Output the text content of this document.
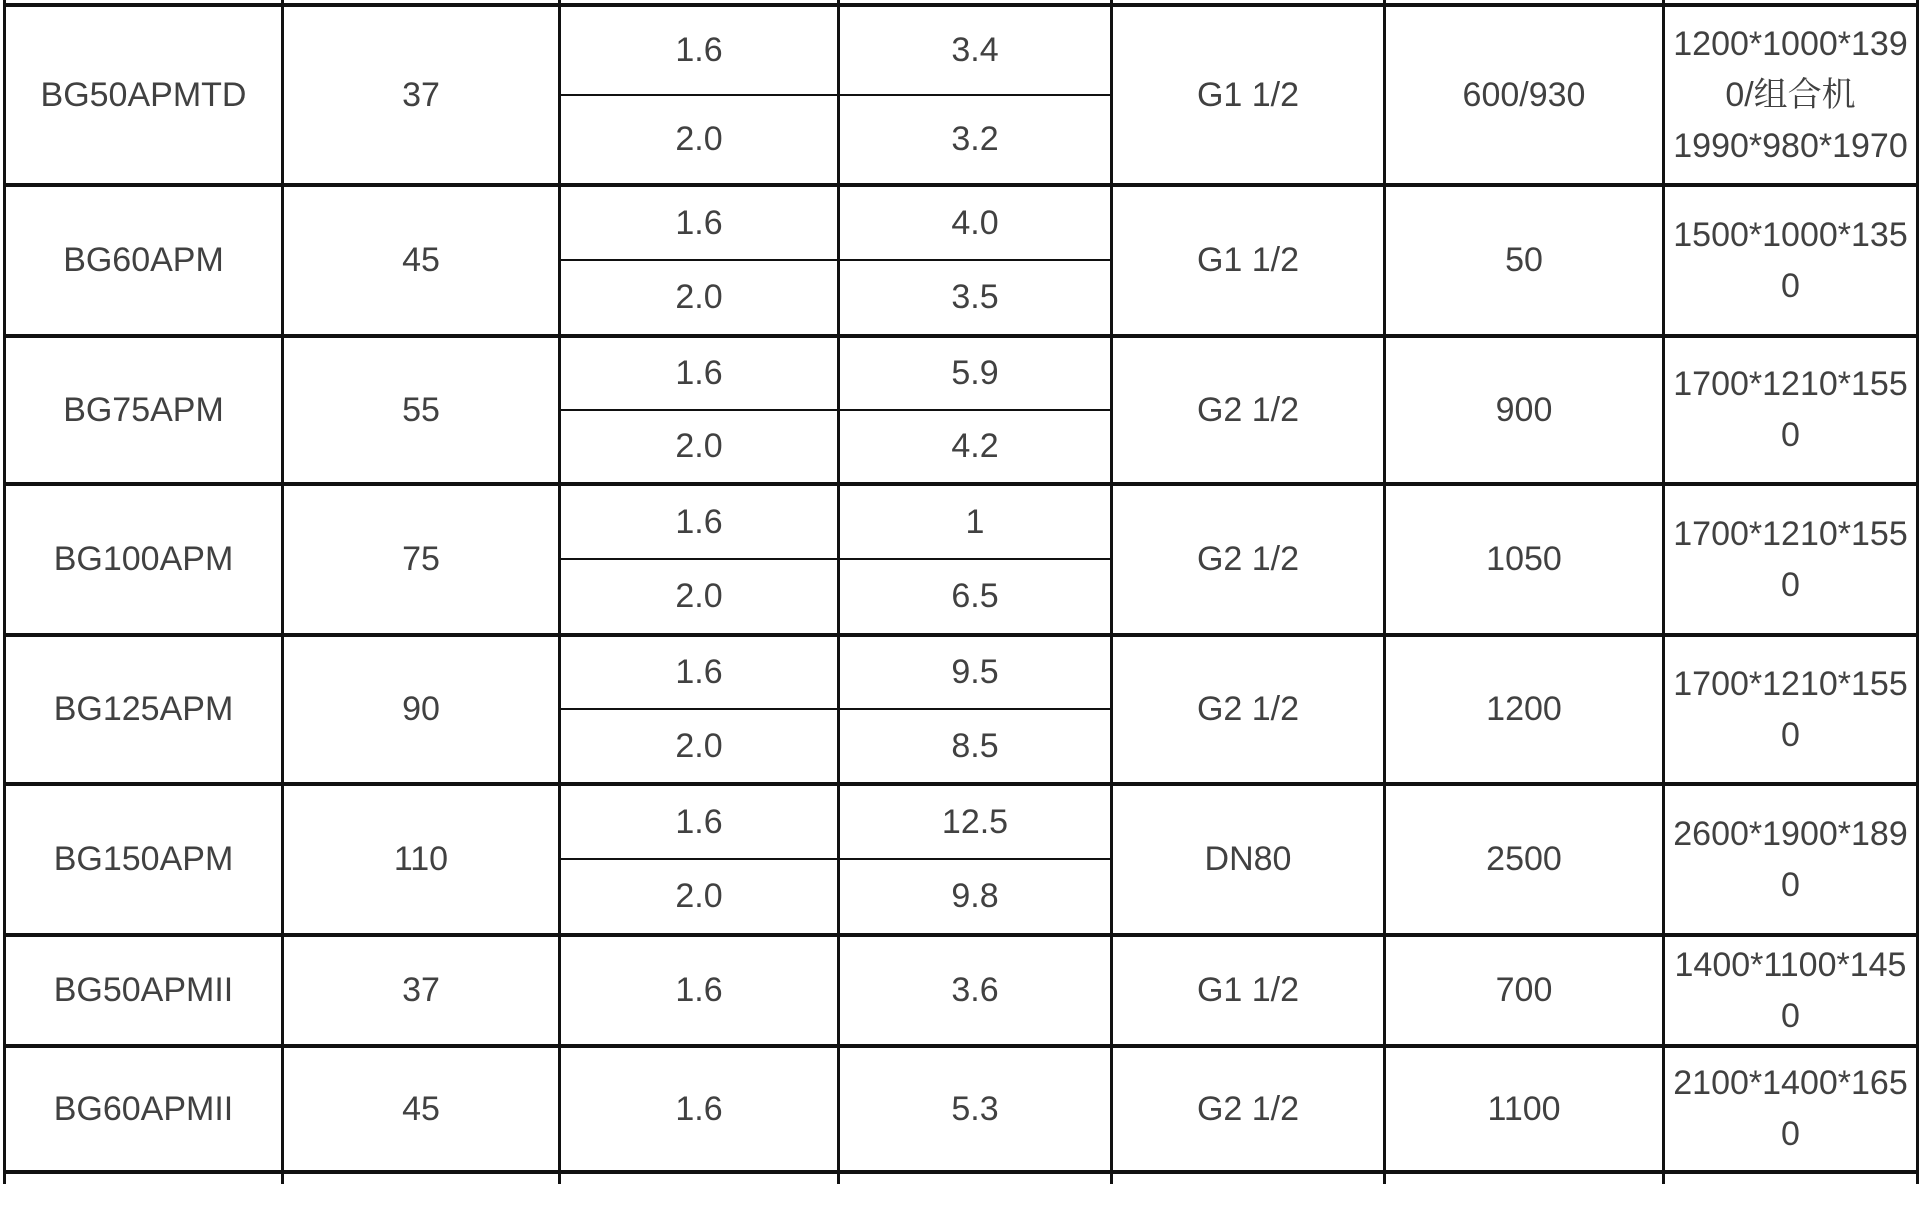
BG50APMTD	37	1.6	3.4	G1 1/2	600/930	1200*1000*1390/组合机 1990*980*1970
		2.0	3.2			
BG60APM	45	1.6	4.0	G1 1/2	50	1500*1000*1350
		2.0	3.5			
BG75APM	55	1.6	5.9	G2 1/2	900	1700*1210*1550
		2.0	4.2			
BG100APM	75	1.6	1	G2 1/2	1050	1700*1210*1550
		2.0	6.5			
BG125APM	90	1.6	9.5	G2 1/2	1200	1700*1210*1550
		2.0	8.5			
BG150APM	110	1.6	12.5	DN80	2500	2600*1900*1890
		2.0	9.8			
BG50APMII	37	1.6	3.6	G1 1/2	700	1400*1100*1450
BG60APMII	45	1.6	5.3	G2 1/2	1100	2100*1400*1650
